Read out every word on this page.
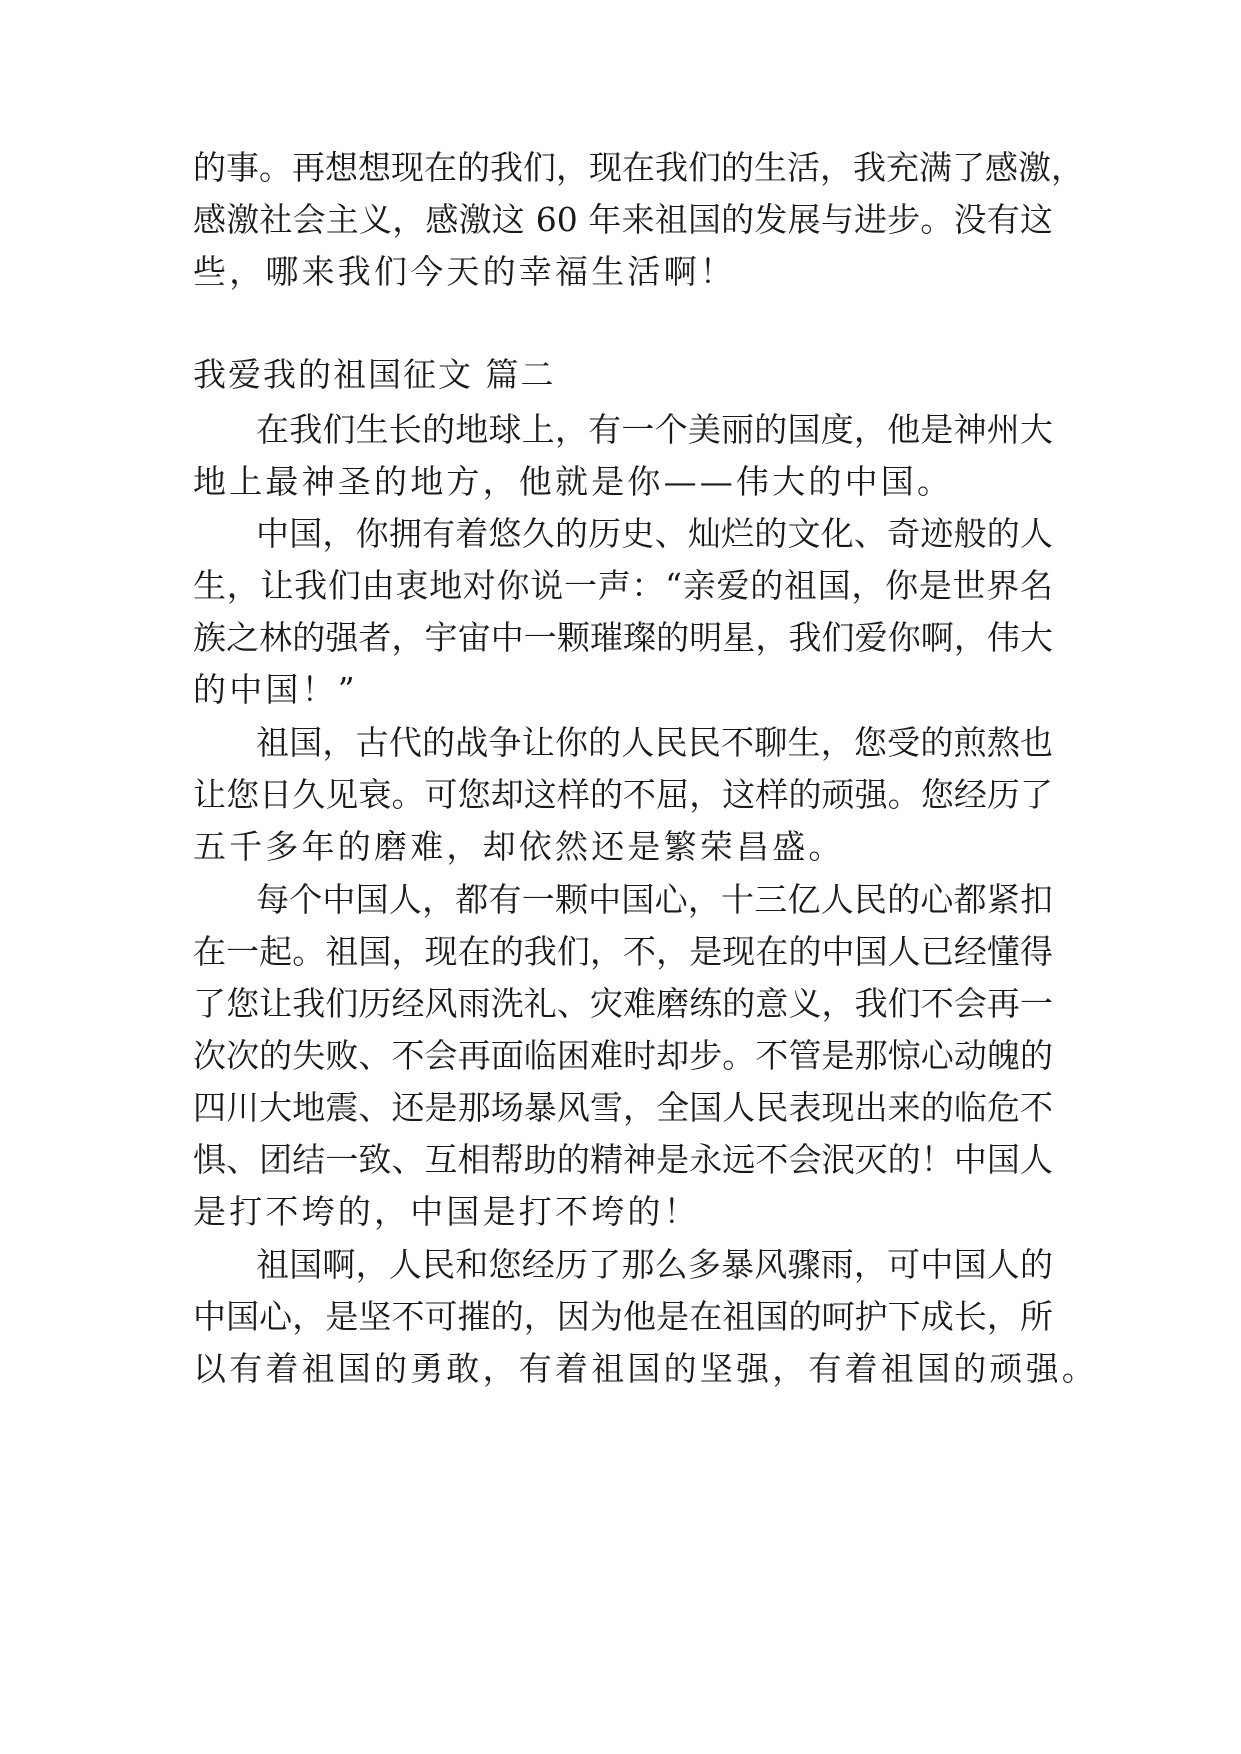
的事。再想想现在的我们，现在我们的生活，我充满了感激，
感激社会主义，感激这 60 年来祖国的发展与进步。没有这
些，哪来我们今天的幸福生活啊！
我爱我的祖国征文 篇二
在我们生长的地球上，有一个美丽的国度，他是神州大
地上最神圣的地方，他就是你——伟大的中国。
中国，你拥有着悠久的历史、灿烂的文化、奇迹般的人
生，让我们由衷地对你说一声：“亲爱的祖国，你是世界名
族之林的强者，宇宙中一颗璀璨的明星，我们爱你啊，伟大
的中国！”
祖国，古代的战争让你的人民民不聊生，您受的煎熬也
让您日久见衰。可您却这样的不屈，这样的顽强。您经历了
五千多年的磨难，却依然还是繁荣昌盛。
每个中国人，都有一颗中国心，十三亿人民的心都紧扣
在一起。祖国，现在的我们，不，是现在的中国人已经懂得
了您让我们历经风雨洗礼、灾难磨练的意义，我们不会再一
次次的失败、不会再面临困难时却步。不管是那惊心动魄的
四川大地震、还是那场暴风雪，全国人民表现出来的临危不
惧、团结一致、互相帮助的精神是永远不会泯灭的！中国人
是打不垮的，中国是打不垮的！
祖国啊，人民和您经历了那么多暴风骤雨，可中国人的
中国心，是坚不可摧的，因为他是在祖国的呵护下成长，所
以有着祖国的勇敢，有着祖国的坚强，有着祖国的顽强。
